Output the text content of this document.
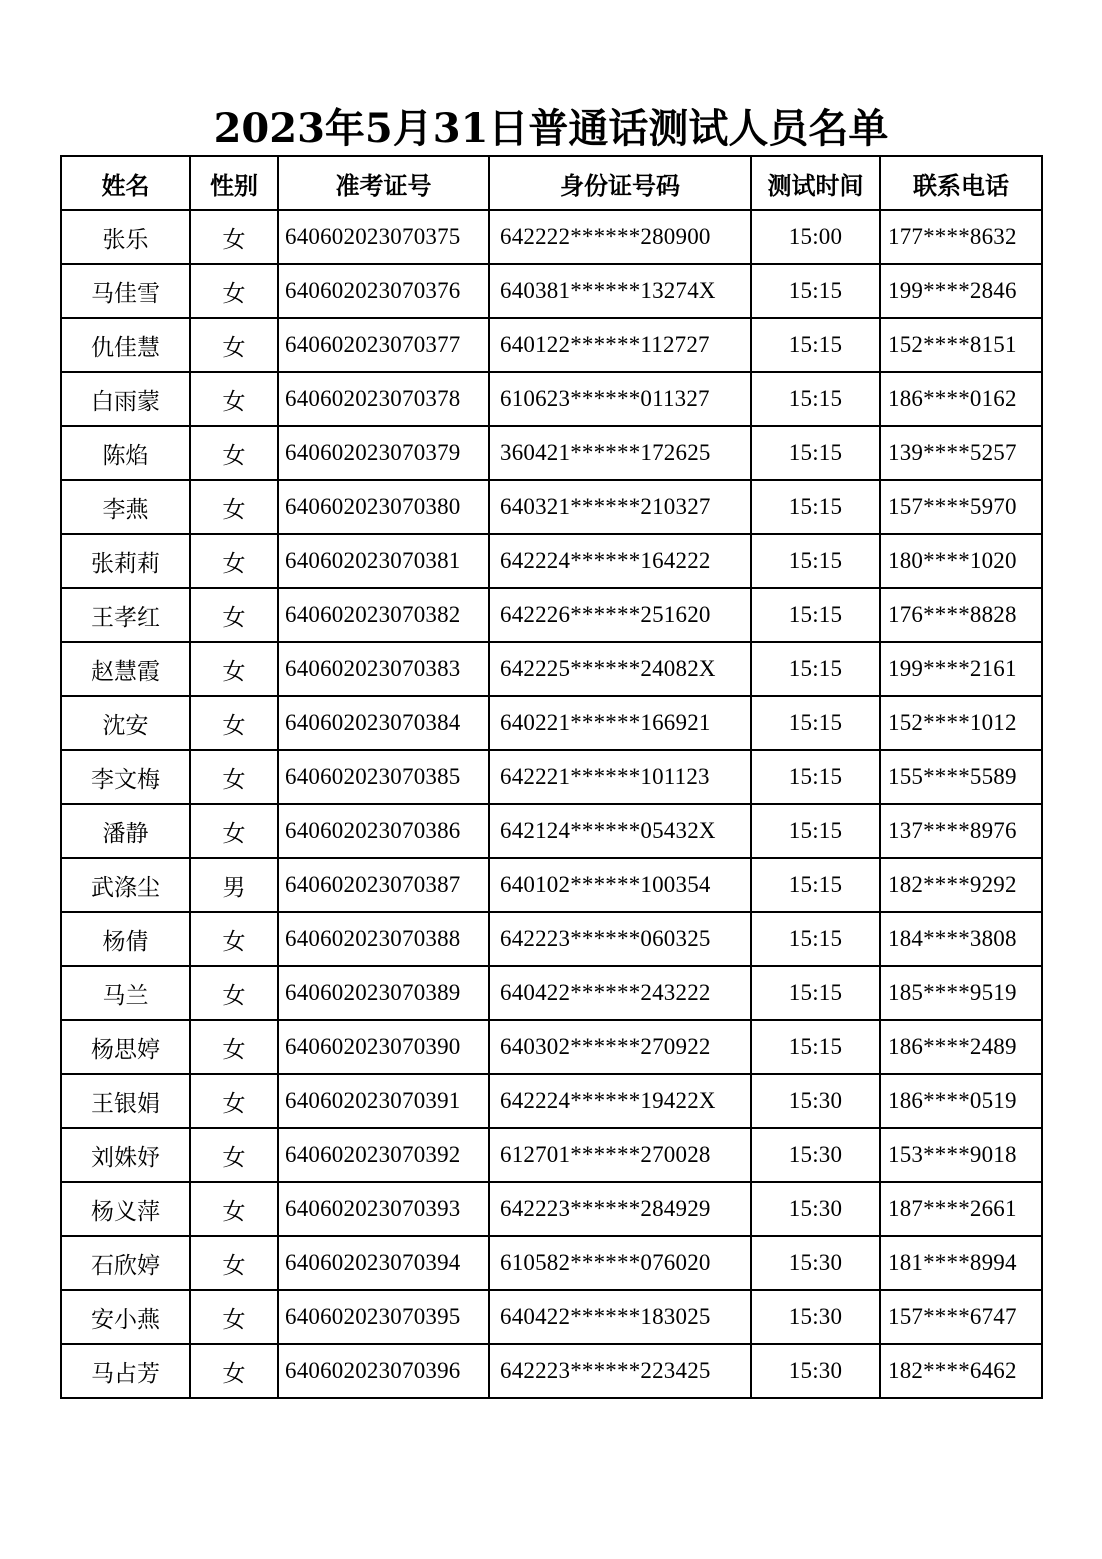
2023年5月31日普通话测试人员名单
姓名	性别	准考证号	身份证号码	测试时间	联系电话
张乐	女	640602023070375	642222******280900	15:00	177****8632
马佳雪	女	640602023070376	640381******13274X	15:15	199****2846
仇佳慧	女	640602023070377	640122******112727	15:15	152****8151
白雨蒙	女	640602023070378	610623******011327	15:15	186****0162
陈焰	女	640602023070379	360421******172625	15:15	139****5257
李燕	女	640602023070380	640321******210327	15:15	157****5970
张莉莉	女	640602023070381	642224******164222	15:15	180****1020
王孝红	女	640602023070382	642226******251620	15:15	176****8828
赵慧霞	女	640602023070383	642225******24082X	15:15	199****2161
沈安	女	640602023070384	640221******166921	15:15	152****1012
李文梅	女	640602023070385	642221******101123	15:15	155****5589
潘静	女	640602023070386	642124******05432X	15:15	137****8976
武涤尘	男	640602023070387	640102******100354	15:15	182****9292
杨倩	女	640602023070388	642223******060325	15:15	184****3808
马兰	女	640602023070389	640422******243222	15:15	185****9519
杨思婷	女	640602023070390	640302******270922	15:15	186****2489
王银娟	女	640602023070391	642224******19422X	15:30	186****0519
刘姝妤	女	640602023070392	612701******270028	15:30	153****9018
杨义萍	女	640602023070393	642223******284929	15:30	187****2661
石欣婷	女	640602023070394	610582******076020	15:30	181****8994
安小燕	女	640602023070395	640422******183025	15:30	157****6747
马占芳	女	640602023070396	642223******223425	15:30	182****6462
